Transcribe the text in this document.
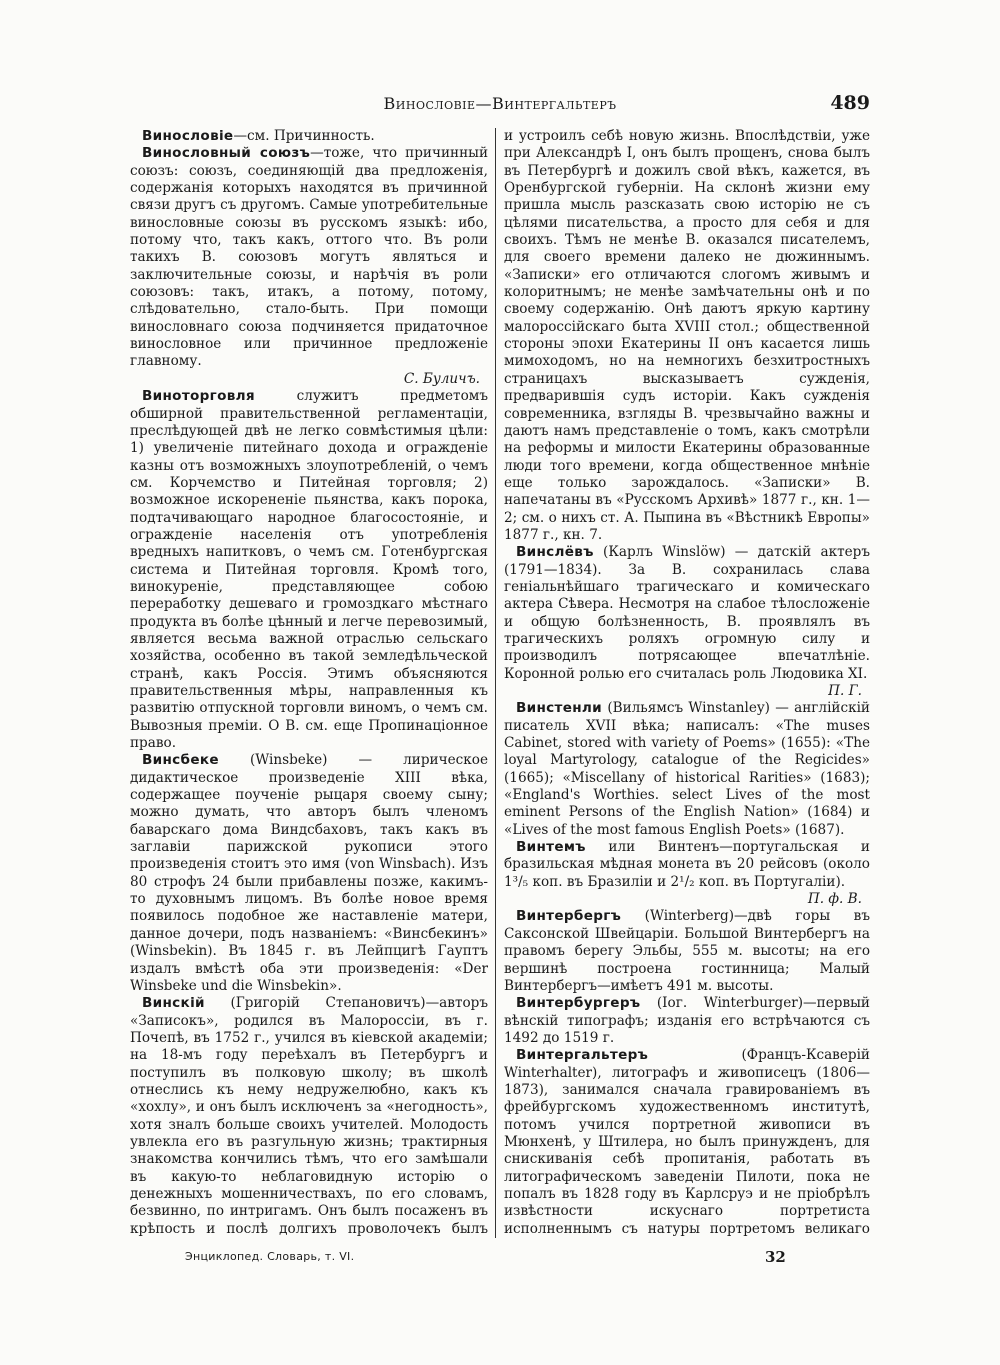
Винословіе—Винтергальтеръ	489

Винословіе—см. Причинность.

Винословный союзъ—тоже, что причинный союзъ: союзъ, соединяющій два предложенія, содержанія которыхъ находятся въ причинной связи другъ съ другомъ. Самые употребительные винословные союзы въ русскомъ языкѣ: ибо, потому что, такъ какъ, оттого что. Въ роли такихъ В. союзовъ могутъ являться и заключительные союзы, и нарѣчія въ роли союзовъ: такъ, итакъ, а потому, потому, слѣдовательно, стало-быть. При помощи винословнаго союза подчиняется придаточное винословное или причинное предложеніе главному.
С. Буличъ.

Виноторговля служитъ предметомъ обширной правительственной регламентаціи, преслѣдующей двѣ не легко совмѣстимыя цѣли: 1) увеличеніе питейнаго дохода и огражденіе казны отъ возможныхъ злоупотребленій, о чемъ см. Корчемство и Питейная торговля; 2) возможное искорененіе пьянства, какъ порока, подтачивающаго народное благосостояніе, и огражденіе населенія отъ употребленія вредныхъ напитковъ, о чемъ см. Готенбургская система и Питейная торговля. Кромѣ того, винокуреніе, представляющее собою переработку дешеваго и громоздкаго мѣстнаго продукта въ болѣе цѣнный и легче перевозимый, является весьма важной отраслью сельскаго хозяйства, особенно въ такой земледѣльческой странѣ, какъ Россія. Этимъ объясняются правительственныя мѣры, направленныя къ развитію отпускной торговли виномъ, о чемъ см. Вывозныя преміи. О В. см. еще Пропинаціонное право.

Винсбеке (Winsbeke) — лирическое дидактическое произведеніе XIII вѣка, содержащее поученіе рыцаря своему сыну; можно думать, что авторъ былъ членомъ баварскаго дома Виндсбаховъ, такъ какъ въ заглавіи парижской рукописи этого произведенія стоитъ это имя (von Winsbach). Изъ 80 строфъ 24 были прибавлены позже, какимъ-то духовнымъ лицомъ. Въ болѣе новое время появилось подобное же наставленіе матери, данное дочери, подъ названіемъ: «Винсбекинъ» (Winsbekin). Въ 1845 г. въ Лейпцигѣ Гауптъ издалъ вмѣстѣ оба эти произведенія: «Der Winsbeke und die Winsbekin».

Винскій (Григорій Степановичъ)—авторъ «Записокъ», родился въ Малороссіи, въ г. Почепѣ, въ 1752 г., учился въ кіевской академіи; на 18-мъ году переѣхалъ въ Петербургъ и поступилъ въ полковую школу; въ школѣ отнеслись къ нему недружелюбно, какъ къ «хохлу», и онъ былъ исключенъ за «негодность», хотя зналъ больше своихъ учителей. Молодость увлекла его въ разгульную жизнь; трактирныя знакомства кончились тѣмъ, что его замѣшали въ какую-то неблаговидную исторію о денежныхъ мошенничествахъ, по его словамъ, безвинно, по интригамъ. Онъ былъ посаженъ въ крѣпость и послѣ долгихъ проволочекъ былъ

и устроилъ себѣ новую жизнь. Впослѣдствіи, уже при Александрѣ I, онъ былъ прощенъ, снова былъ въ Петербургѣ и дожилъ свой вѣкъ, кажется, въ Оренбургской губерніи. На склонѣ жизни ему пришла мысль разсказать свою исторію не съ цѣлями писательства, а просто для себя и для своихъ. Тѣмъ не менѣе В. оказался писателемъ, для своего времени далеко не дюжиннымъ. «Записки» его отличаются слогомъ живымъ и колоритнымъ; не менѣе замѣчательны онѣ и по своему содержанію. Онѣ даютъ яркую картину малороссійскаго быта XVIII стол.; общественной стороны эпохи Екатерины II онъ касается лишь мимоходомъ, но на немногихъ безхитростныхъ страницахъ высказываетъ сужденія, предварившія судъ исторіи. Какъ сужденія современника, взгляды В. чрезвычайно важны и даютъ намъ представленіе о томъ, какъ смотрѣли на реформы и милости Екатерины образованные люди того времени, когда общественное мнѣніе еще только зарождалось. «Записки» В. напечатаны въ «Русскомъ Архивѣ» 1877 г., кн. 1—2; см. о нихъ ст. А. Пыпина въ «Вѣстникѣ Европы» 1877 г., кн. 7.

Винслёвъ (Карлъ Winslöw) — датскій актеръ (1791—1834). За В. сохранилась слава геніальнѣйшаго трагическаго и комическаго актера Сѣвера. Несмотря на слабое тѣлосложеніе и общую болѣзненность, В. проявлялъ въ трагическихъ роляхъ огромную силу и производилъ потрясающее впечатлѣніе. Коронной ролью его считалась роль Людовика XI.
П. Г.

Винстенли (Вильямсъ Winstanley) — англійскій писатель XVII вѣка; написалъ: «The muses Cabinet, stored with variety of Poems» (1655): «The loyal Martyrology, catalogue of the Regicides» (1665); «Miscellany of historical Rarities» (1683); «England's Worthies. select Lives of the most eminent Persons of the English Nation» (1684) и «Lives of the most famous English Poets» (1687).

Винтемъ или Винтенъ—португальская и бразильская мѣдная монета въ 20 рейсовъ (около 1³/₅ коп. въ Бразиліи и 2¹/₂ коп. въ Португаліи).
П. ф. В.

Винтербергъ (Winterberg)—двѣ горы въ Саксонской Швейцаріи. Большой Винтербергъ на правомъ берегу Эльбы, 555 м. высоты; на его вершинѣ построена гостинница; Малый Винтербергъ—имѣетъ 491 м. высоты.

Винтербургеръ (Іог. Winterburger)—первый вѣнскій типографъ; изданія его встрѣчаются съ 1492 до 1519 г.

Винтергальтеръ	(Францъ-Ксаверій Winterhalter), литографъ и живописецъ (1806—1873), занимался сначала гравированіемъ въ фрейбургскомъ художественномъ институтѣ, потомъ учился портретной живописи въ Мюнхенѣ, у Штилера, но былъ принужденъ, для снискиванія себѣ пропитанія, работать въ литографическомъ заведеніи Пилоти, пока не попалъ въ 1828 году въ Карлсруэ и не пріобрѣлъ извѣстности искуснаго портретиста исполненнымъ съ натуры портретомъ великаго

Энциклопед. Словарь, т. VI.	32
